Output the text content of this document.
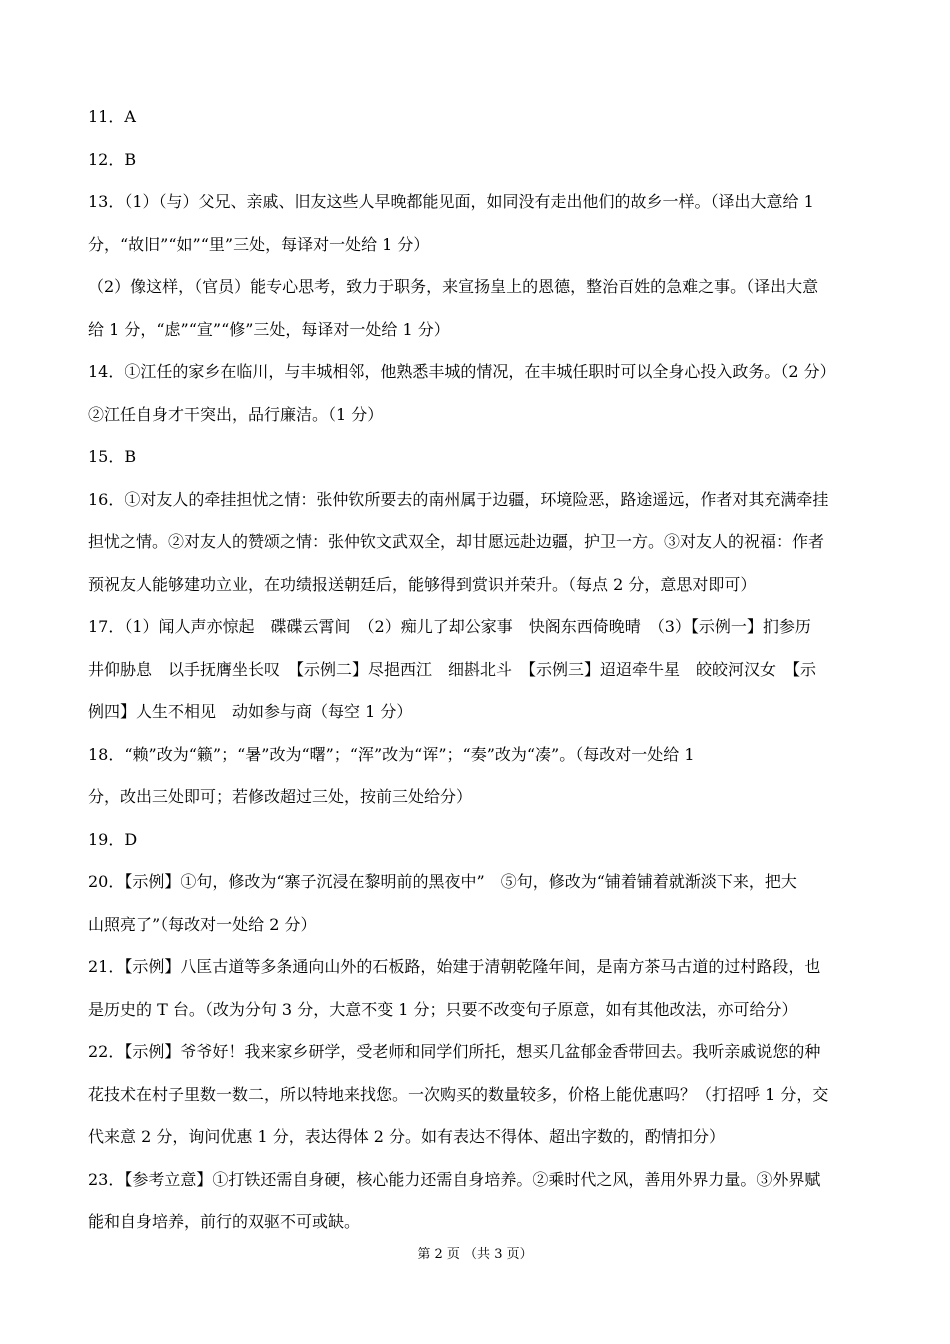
11．A
12．B
13．（1）（与）父兄、亲戚、旧友这些人早晚都能见面，如同没有走出他们的故乡一样。（译出大意给 1
分，“故旧”“如”“里”三处，每译对一处给 1 分）
（2）像这样，（官员）能专心思考，致力于职务，来宣扬皇上的恩德，整治百姓的急难之事。（译出大意
给 1 分，“虑”“宣”“修”三处，每译对一处给 1 分）
14．①江任的家乡在临川，与丰城相邻，他熟悉丰城的情况，在丰城任职时可以全身心投入政务。（2 分）
②江任自身才干突出，品行廉洁。（1 分）
15．B
16．①对友人的牵挂担忧之情：张仲钦所要去的南州属于边疆，环境险恶，路途遥远，作者对其充满牵挂
担忧之情。②对友人的赞颂之情：张仲钦文武双全，却甘愿远赴边疆，护卫一方。③对友人的祝福：作者
预祝友人能够建功立业，在功绩报送朝廷后，能够得到赏识并荣升。（每点 2 分，意思对即可）
17．（1）闻人声亦惊起　碟碟云霄间　（2）痴儿了却公家事　快阁东西倚晚晴　（3）【示例一】扪参历
井仰胁息　以手抚膺坐长叹　【示例二】尽挹西江　细斟北斗　【示例三】迢迢牵牛星　皎皎河汉女　【示
例四】人生不相见　动如参与商（每空 1 分）
18．“赖”改为“籁”；“暑”改为“曙”；“浑”改为“诨”；“奏”改为“凑”。（每改对一处给 1
分，改出三处即可；若修改超过三处，按前三处给分）
19．D
20．【示例】①句，修改为“寨子沉浸在黎明前的黑夜中”　⑤句，修改为“铺着铺着就渐淡下来，把大
山照亮了”（每改对一处给 2 分）
21．【示例】八匡古道等多条通向山外的石板路，始建于清朝乾隆年间，是南方茶马古道的过村路段，也
是历史的 T 台。（改为分句 3 分，大意不变 1 分；只要不改变句子原意，如有其他改法，亦可给分）
22．【示例】爷爷好！我来家乡研学，受老师和同学们所托，想买几盆郁金香带回去。我听亲戚说您的种
花技术在村子里数一数二，所以特地来找您。一次购买的数量较多，价格上能优惠吗？（打招呼 1 分，交
代来意 2 分，询问优惠 1 分，表达得体 2 分。如有表达不得体、超出字数的，酌情扣分）
23．【参考立意】①打铁还需自身硬，核心能力还需自身培养。②乘时代之风，善用外界力量。③外界赋
能和自身培养，前行的双驱不可或缺。
第 2 页 （共 3 页）
